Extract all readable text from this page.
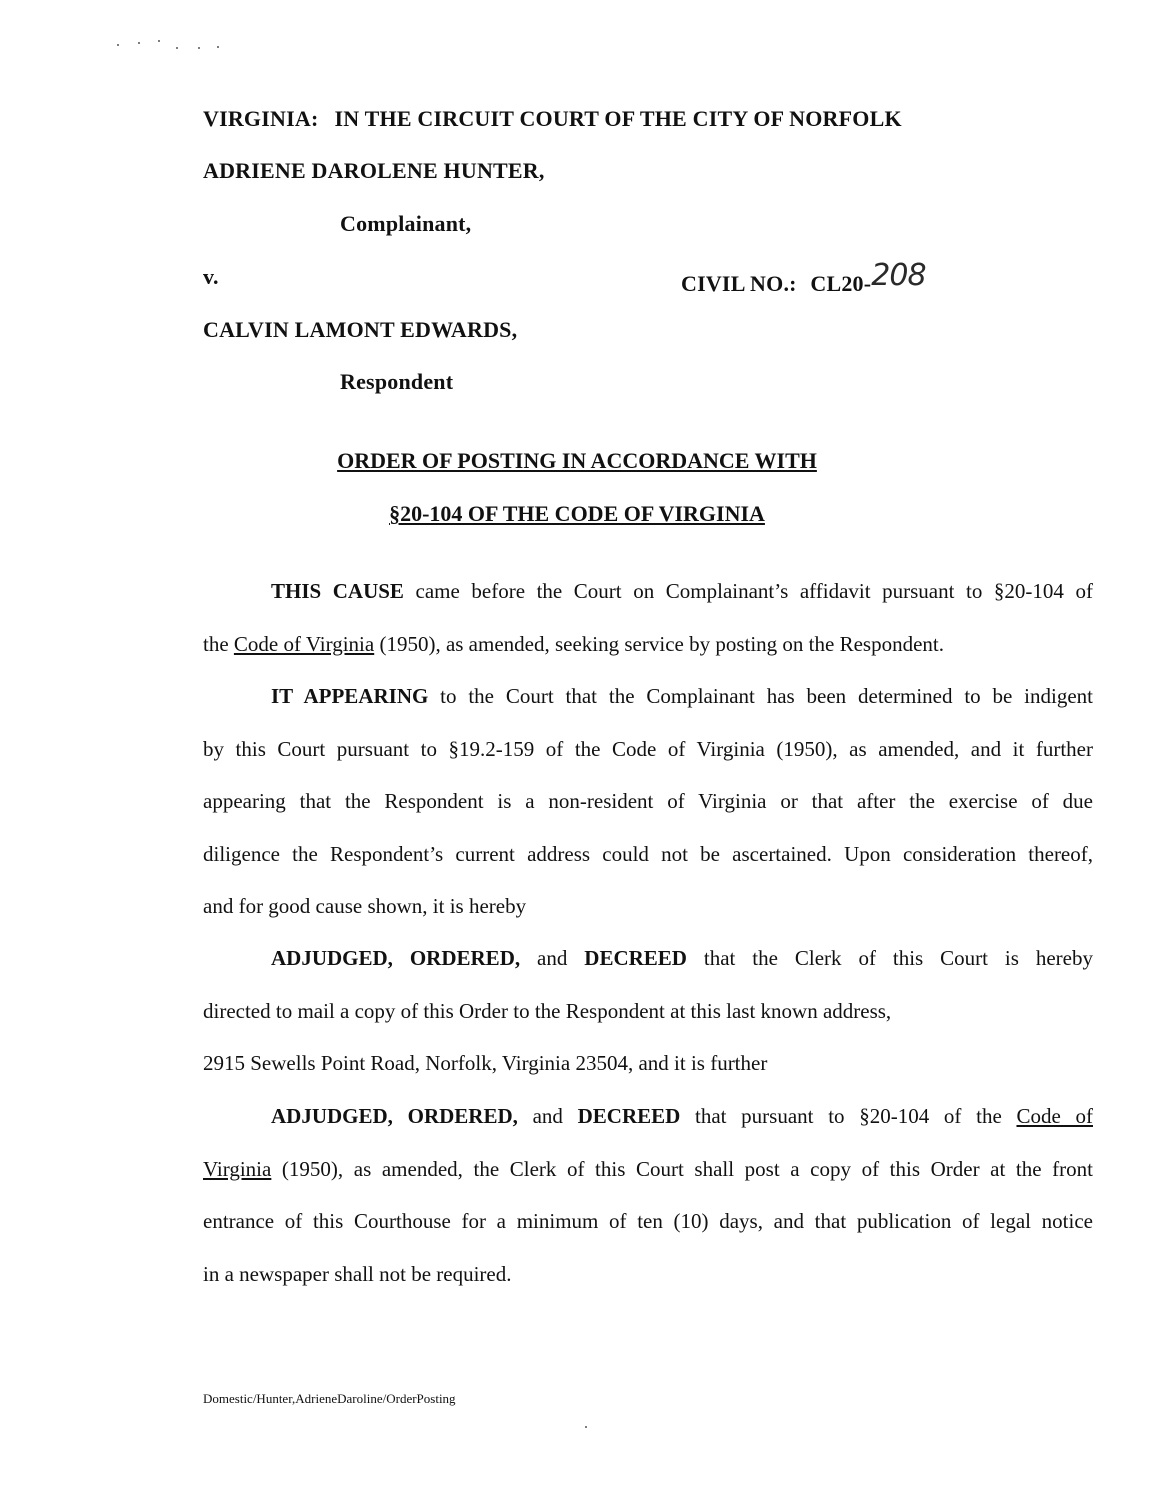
VIRGINIA: IN THE CIRCUIT COURT OF THE CITY OF NORFOLK
ADRIENE DAROLENE HUNTER,
Complainant,
v.	CIVIL NO.: CL20-208
CALVIN LAMONT EDWARDS,
Respondent
ORDER OF POSTING IN ACCORDANCE WITH
§20-104 OF THE CODE OF VIRGINIA
THIS CAUSE came before the Court on Complainant’s affidavit pursuant to §20-104 of
the Code of Virginia (1950), as amended, seeking service by posting on the Respondent.
IT APPEARING to the Court that the Complainant has been determined to be indigent
by this Court pursuant to §19.2-159 of the Code of Virginia (1950), as amended, and it further
appearing that the Respondent is a non-resident of Virginia or that after the exercise of due
diligence the Respondent’s current address could not be ascertained. Upon consideration thereof,
and for good cause shown, it is hereby
ADJUDGED, ORDERED, and DECREED that the Clerk of this Court is hereby
directed to mail a copy of this Order to the Respondent at this last known address,
2915 Sewells Point Road, Norfolk, Virginia 23504, and it is further
ADJUDGED, ORDERED, and DECREED that pursuant to §20-104 of the Code of
Virginia (1950), as amended, the Clerk of this Court shall post a copy of this Order at the front
entrance of this Courthouse for a minimum of ten (10) days, and that publication of legal notice
in a newspaper shall not be required.
Domestic/Hunter,AdrieneDaroline/OrderPosting
